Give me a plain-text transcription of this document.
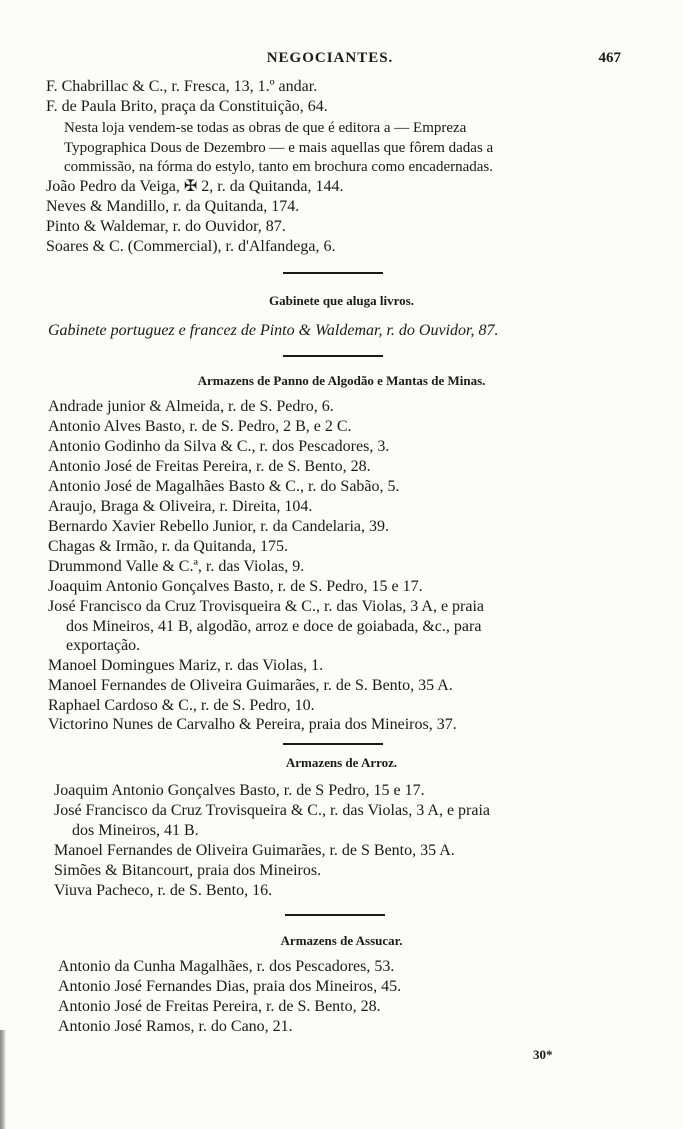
NEGOCIANTES.	467
F. Chabrillac & C., r. Fresca, 13, 1.º andar.
F. de Paula Brito, praça da Constituição, 64.
Nesta loja vendem-se todas as obras de que é editora a — Empreza
Typographica Dous de Dezembro — e mais aquellas que fôrem dadas a
commissão, na fórma do estylo, tanto em brochura como encadernadas.
João Pedro da Veiga, ✠ 2, r. da Quitanda, 144.
Neves & Mandillo, r. da Quitanda, 174.
Pinto & Waldemar, r. do Ouvidor, 87.
Soares & C. (Commercial), r. d'Alfandega, 6.
Gabinete que aluga livros.
Gabinete portuguez e francez de Pinto & Waldemar, r. do Ouvidor, 87.
Armazens de Panno de Algodão e Mantas de Minas.
Andrade junior & Almeida, r. de S. Pedro, 6.
Antonio Alves Basto, r. de S. Pedro, 2 B, e 2 C.
Antonio Godinho da Silva & C., r. dos Pescadores, 3.
Antonio José de Freitas Pereira, r. de S. Bento, 28.
Antonio José de Magalhães Basto & C., r. do Sabão, 5.
Araujo, Braga & Oliveira, r. Direita, 104.
Bernardo Xavier Rebello Junior, r. da Candelaria, 39.
Chagas & Irmão, r. da Quitanda, 175.
Drummond Valle & C.ª, r. das Violas, 9.
Joaquim Antonio Gonçalves Basto, r. de S. Pedro, 15 e 17.
José Francisco da Cruz Trovisqueira & C., r. das Violas, 3 A, e praia
dos Mineiros, 41 B, algodão, arroz e doce de goiabada, &c., para
exportação.
Manoel Domingues Mariz, r. das Violas, 1.
Manoel Fernandes de Oliveira Guimarães, r. de S. Bento, 35 A.
Raphael Cardoso & C., r. de S. Pedro, 10.
Victorino Nunes de Carvalho & Pereira, praia dos Mineiros, 37.
Armazens de Arroz.
Joaquim Antonio Gonçalves Basto, r. de S Pedro, 15 e 17.
José Francisco da Cruz Trovisqueira & C., r. das Violas, 3 A, e praia
dos Mineiros, 41 B.
Manoel Fernandes de Oliveira Guimarães, r. de S Bento, 35 A.
Simões & Bitancourt, praia dos Mineiros.
Viuva Pacheco, r. de S. Bento, 16.
Armazens de Assucar.
Antonio da Cunha Magalhães, r. dos Pescadores, 53.
Antonio José Fernandes Dias, praia dos Mineiros, 45.
Antonio José de Freitas Pereira, r. de S. Bento, 28.
Antonio José Ramos, r. do Cano, 21.
30*
